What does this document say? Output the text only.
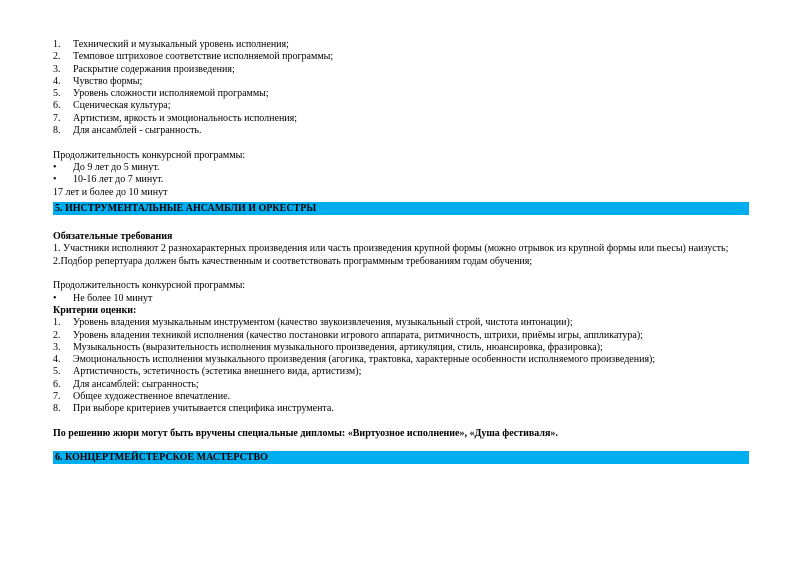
1. Технический и музыкальный уровень исполнения;
2. Темповое штриховое соответствие исполняемой программы;
3. Раскрытие содержания произведения;
4. Чувство формы;
5. Уровень сложности исполняемой программы;
6. Сценическая культура;
7. Артистизм, яркость и эмоциональность исполнения;
8. Для ансамблей - сыгранность.
Продолжительность конкурсной программы:
• До 9 лет до 5 минут.
• 10-16 лет до 7 минут.
17 лет и более до 10 минут
5. ИНСТРУМЕНТАЛЬНЫЕ АНСАМБЛИ И ОРКЕСТРЫ
Обязательные требования
1. Участники исполняют 2 разнохарактерных произведения или часть произведения крупной формы (можно отрывок из крупной формы или пьесы) наизусть;
2.Подбор репертуара должен быть качественным и соответствовать программным требованиям годам обучения;
Продолжительность конкурсной программы:
• Не более 10 минут
Критерии оценки:
1. Уровень владения музыкальным инструментом (качество звукоизвлечения, музыкальный строй, чистота интонации);
2. Уровень владения техникой исполнения (качество постановки игрового аппарата, ритмичность, штрихи, приёмы игры, аппликатура);
3. Музыкальность (выразительность исполнения музыкального произведения, артикуляция, стиль, нюансировка, фразировка);
4. Эмоциональность исполнения музыкального произведения (агогика, трактовка, характерные особенности исполняемого произведения);
5. Артистичность, эстетичность (эстетика внешнего вида, артистизм);
6. Для ансамблей: сыгранность;
7. Общее художественное впечатление.
8. При выборе критериев учитывается специфика инструмента.
По решению жюри могут быть вручены специальные дипломы: «Виртуозное исполнение», «Душа фестиваля».
6. КОНЦЕРТМЕЙСТЕРСКОЕ МАСТЕРСТВО
